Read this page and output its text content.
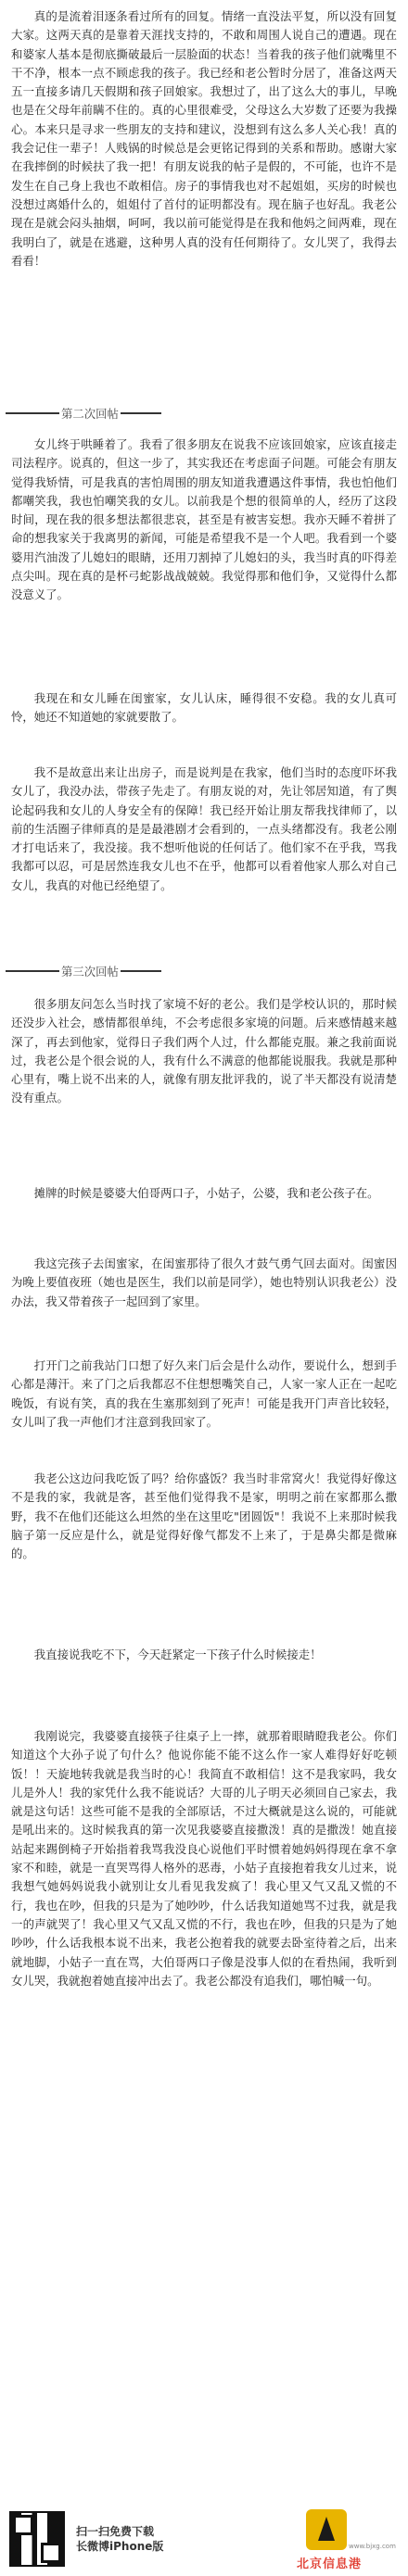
真的是流着泪逐条看过所有的回复。情绪一直没法平复，所以没有回复大家。这两天真的是靠着天涯找支持的，不敢和周围人说自己的遭遇。现在和婆家人基本是彻底撕破最后一层脸面的状态！当着我的孩子他们就嘴里不干不净，根本一点不顾虑我的孩子。我已经和老公暂时分居了，准备这两天五一直接多请几天假期和孩子回娘家。我想过了，出了这么大的事儿，早晚也是在父母年前瞒不住的。真的心里很难受，父母这么大岁数了还要为我操心。本来只是寻求一些朋友的支持和建议，没想到有这么多人关心我！真的我会记住一辈子！人贱锅的时候总是会更铭记得到的关系和帮助。感谢大家在我摔倒的时候扶了我一把！有朋友说我的帖子是假的，不可能，也许不是发生在自己身上我也不敢相信。房子的事情我也对不起姐姐，买房的时候也没想过离婚什么的，姐姐付了首付的证明都没有。现在脑子也好乱。我老公现在是就会闷头抽烟，呵呵，我以前可能觉得是在我和他妈之间两难，现在我明白了，就是在逃避，这种男人真的没有任何期待了。女儿哭了，我得去看看！

第二次回帖

女儿终于哄睡着了。我看了很多朋友在说我不应该回娘家，应该直接走司法程序。说真的，但这一步了，其实我还在考虑面子问题。可能会有朋友觉得我矫情，可是我真的害怕周围的朋友知道我遭遇这件事情，我也怕他们都嘲笑我，我也怕嘲笑我的女儿。以前我是个想的很简单的人，经历了这段时间，现在我的很多想法都很悲哀，甚至是有被害妄想。我亦天睡不着拼了命的想我家关于我离男的新闻，可能是希望我不是一个人吧。我看到一个婆婆用汽油泼了儿媳妇的眼睛，还用刀割掉了儿媳妇的头，我当时真的吓得差点尖叫。现在真的是杯弓蛇影战战兢兢。我觉得那和他们争，又觉得什么都没意义了。

我现在和女儿睡在闺蜜家，女儿认床，睡得很不安稳。我的女儿真可怜，她还不知道她的家就要散了。

我不是故意出来让出房子，而是说判是在我家，他们当时的态度吓坏我女儿了，我没办法，带孩子先走了。有朋友说的对，先让邻居知道，有了舆论起码我和女儿的人身安全有的保障！我已经开始让朋友帮我找律师了，以前的生活圈子律师真的是是最港剧才会看到的，一点头绪都没有。我老公刚才打电话来了，我没接。我不想听他说的任何话了。他们家不在乎我，骂我我都可以忍，可是居然连我女儿也不在乎，他都可以看着他家人那么对自己女儿，我真的对他已经绝望了。

第三次回帖

很多朋友问怎么当时找了家境不好的老公。我们是学校认识的，那时候还没步入社会，感情都很单纯，不会考虑很多家境的问题。后来感情越来越深了，再去到他家，觉得日子我们两个人过，什么都能克服。兼之我前面说过，我老公是个很会说的人，我有什么不满意的他都能说服我。我就是那种心里有，嘴上说不出来的人，就像有朋友批评我的，说了半天都没有说清楚没有重点。

摊牌的时候是婆婆大伯哥两口子，小姑子，公婆，我和老公孩子在。

我这完孩子去闺蜜家，在闺蜜那待了很久才鼓气勇气回去面对。闺蜜因为晚上要值夜班（她也是医生，我们以前是同学），她也特别认识我老公）没办法，我又带着孩子一起回到了家里。

打开门之前我站门口想了好久来门后会是什么动作，要说什么，想到手心都是薄汗。来了门之后我都忍不住想想嘴笑自己，人家一家人正在一起吃晚饭，有说有笑，真的我在生塞那刻到了死声！可能是我开门声音比较轻，女儿叫了我一声他们才注意到我回家了。

我老公这边问我吃饭了吗？给你盛饭？我当时非常窝火！我觉得好像这不是我的家，我就是客，甚至他们觉得我不是家，明明之前在家都那么撒野，我不在他们还能这么坦然的坐在这里吃"团圆饭"！我说不上来那时候我脑子第一反应是什么，就是觉得好像气都发不上来了，于是鼻尖都是微麻的。

我直接说我吃不下，今天赶紧定一下孩子什么时候接走！

我刚说完，我婆婆直接筷子往桌子上一摔，就那着眼睛瞪我老公。你们知道这个大孙子说了句什么？他说你能不能不这么作一家人难得好好吃顿饭！！天旋地转我就是我当时的心！我简直不敢相信！这不是我家吗，我女儿是外人！我的家凭什么我不能说话？大哥的儿子明天必须回自己家去，我就是这句话！这些可能不是我的全部原话，不过大概就是这么说的，可能就是吼出来的。这时候我真的第一次见我婆婆直接撒泼！真的是撒泼！她直接站起来踢倒椅子开始指着我骂我没良心说他们平时惯着她妈妈得现在拿不拿家不和睦，就是一直哭骂得人格外的恶毒，小姑子直接抱着我女儿过来，说我想气她妈妈说我小就别让女儿看见我发疯了！我心里又气又乱又慌的不行，我也在吵，但我的只是为了她吵吵，什么话我知道她骂不过我，就是我一的声就哭了！我心里又气又乱又慌的不行，我也在吵，但我的只是为了她吵吵，什么话我根本说不出来，我老公抱着我的就要去卧室待着之后，出来就地脚，小姑子一直在骂，大伯哥两口子像是没事人似的在看热闹，我听到女儿哭，我就抱着她直接冲出去了。我老公都没有追我们，哪怕喊一句。

扫一扫免费下载
长微博iPhone版	www.bjxg.com
北京信息港
